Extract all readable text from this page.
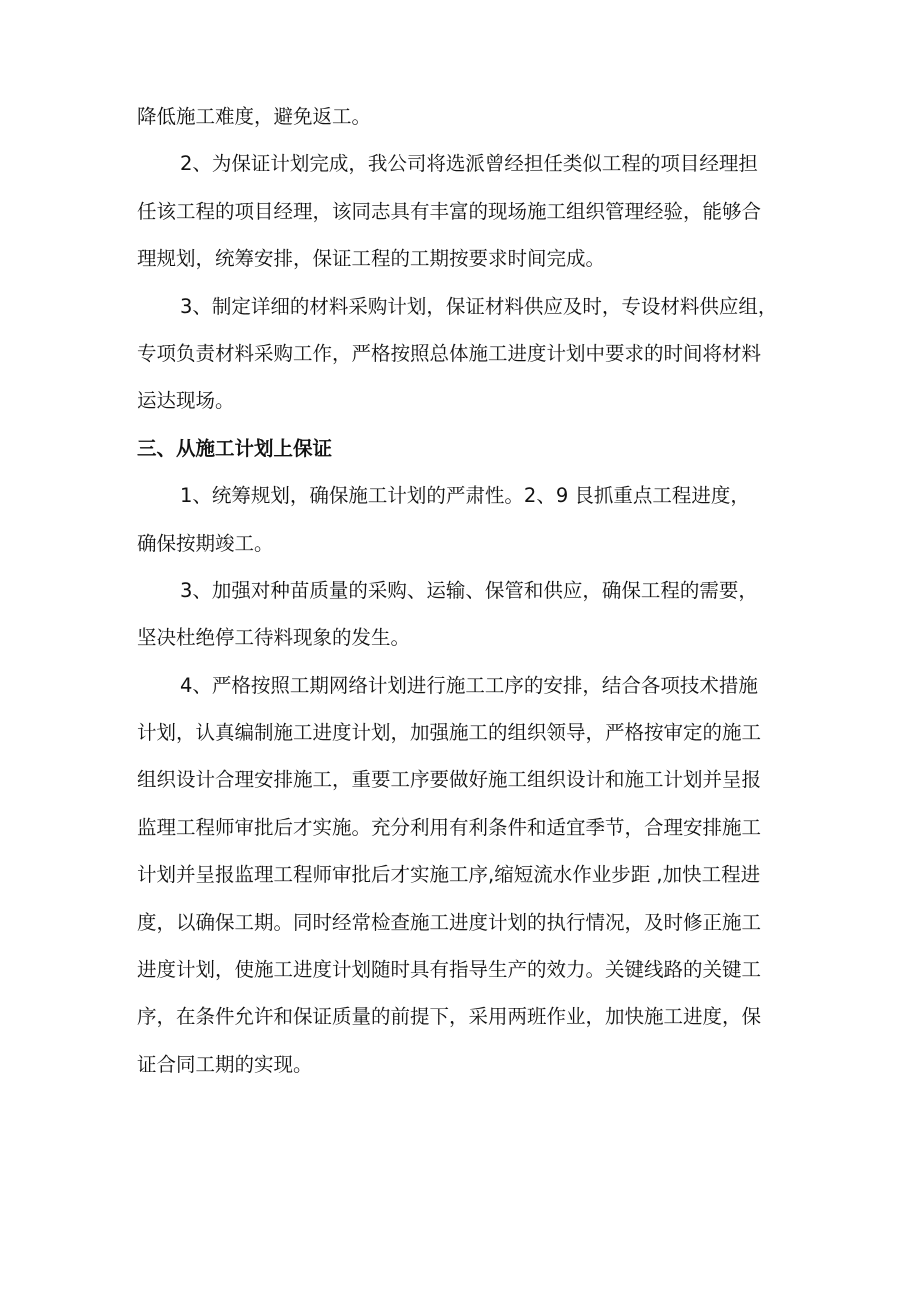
降低施工难度，避免返工。

2、为保证计划完成，我公司将选派曾经担任类似工程的项目经理担

任该工程的项目经理，该同志具有丰富的现场施工组织管理经验，能够合

理规划，统筹安排，保证工程的工期按要求时间完成。

3、制定详细的材料采购计划，保证材料供应及时，专设材料供应组，

专项负责材料采购工作，严格按照总体施工进度计划中要求的时间将材料

运达现场。

三、从施工计划上保证

1、统筹规划，确保施工计划的严肃性。2、9 艮抓重点工程进度，

确保按期竣工。

3、加强对种苗质量的采购、运输、保管和供应，确保工程的需要，

坚决杜绝停工待料现象的发生。

4、严格按照工期网络计划进行施工工序的安排，结合各项技术措施

计划，认真编制施工进度计划，加强施工的组织领导，严格按审定的施工

组织设计合理安排施工，重要工序要做好施工组织设计和施工计划并呈报

监理工程师审批后才实施。充分利用有利条件和适宜季节，合理安排施工

计划并呈报监理工程师审批后才实施工序,缩短流水作业步距 ,加快工程进

度，以确保工期。同时经常检查施工进度计划的执行情况，及时修正施工

进度计划，使施工进度计划随时具有指导生产的效力。关键线路的关键工

序，在条件允许和保证质量的前提下，采用两班作业，加快施工进度，保

证合同工期的实现。
